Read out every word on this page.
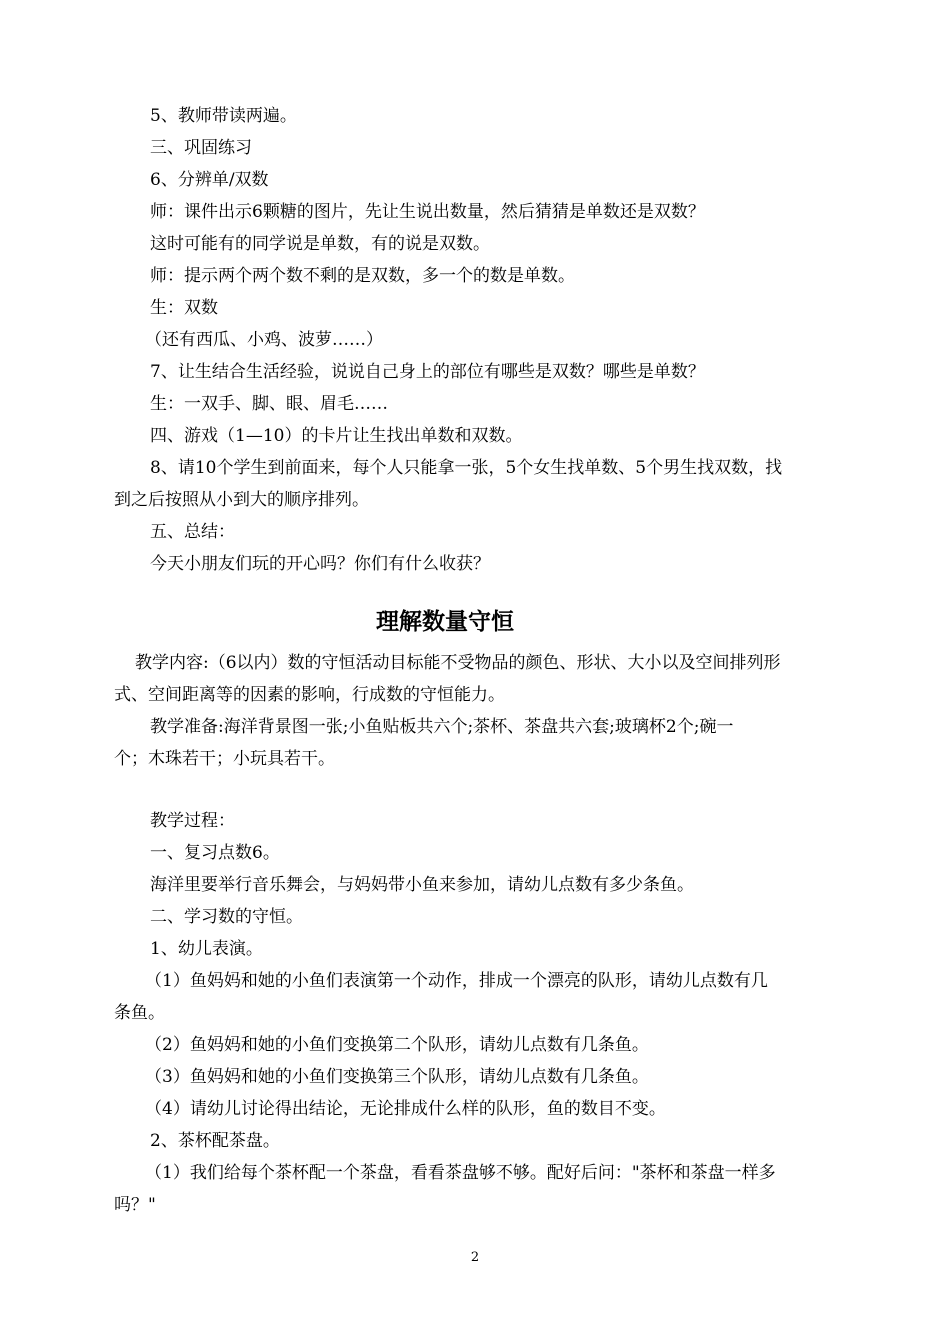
5、教师带读两遍。
三、巩固练习
6、分辨单/双数
师：课件出示6颗糖的图片，先让生说出数量，然后猜猜是单数还是双数？
这时可能有的同学说是单数，有的说是双数。
师：提示两个两个数不剩的是双数，多一个的数是单数。
生：双数
（还有西瓜、小鸡、波萝……）
7、让生结合生活经验，说说自己身上的部位有哪些是双数？哪些是单数？
生：一双手、脚、眼、眉毛……
四、游戏（1—10）的卡片让生找出单数和双数。
8、请10个学生到前面来，每个人只能拿一张，5个女生找单数、5个男生找双数，找
到之后按照从小到大的顺序排列。
五、总结：
今天小朋友们玩的开心吗？你们有什么收获？
理解数量守恒
教学内容:（6以内）数的守恒活动目标能不受物品的颜色、形状、大小以及空间排列形
式、空间距离等的因素的影响，行成数的守恒能力。
教学准备:海洋背景图一张;小鱼贴板共六个;茶杯、茶盘共六套;玻璃杯2个;碗一
个；木珠若干；小玩具若干。
教学过程：
一、复习点数6。
海洋里要举行音乐舞会，与妈妈带小鱼来参加，请幼儿点数有多少条鱼。
二、学习数的守恒。
1、幼儿表演。
（1）鱼妈妈和她的小鱼们表演第一个动作，排成一个漂亮的队形，请幼儿点数有几
条鱼。
（2）鱼妈妈和她的小鱼们变换第二个队形，请幼儿点数有几条鱼。
（3）鱼妈妈和她的小鱼们变换第三个队形，请幼儿点数有几条鱼。
（4）请幼儿讨论得出结论，无论排成什么样的队形，鱼的数目不变。
2、茶杯配茶盘。
（1）我们给每个茶杯配一个茶盘，看看茶盘够不够。配好后问："茶杯和茶盘一样多
吗？"
2
